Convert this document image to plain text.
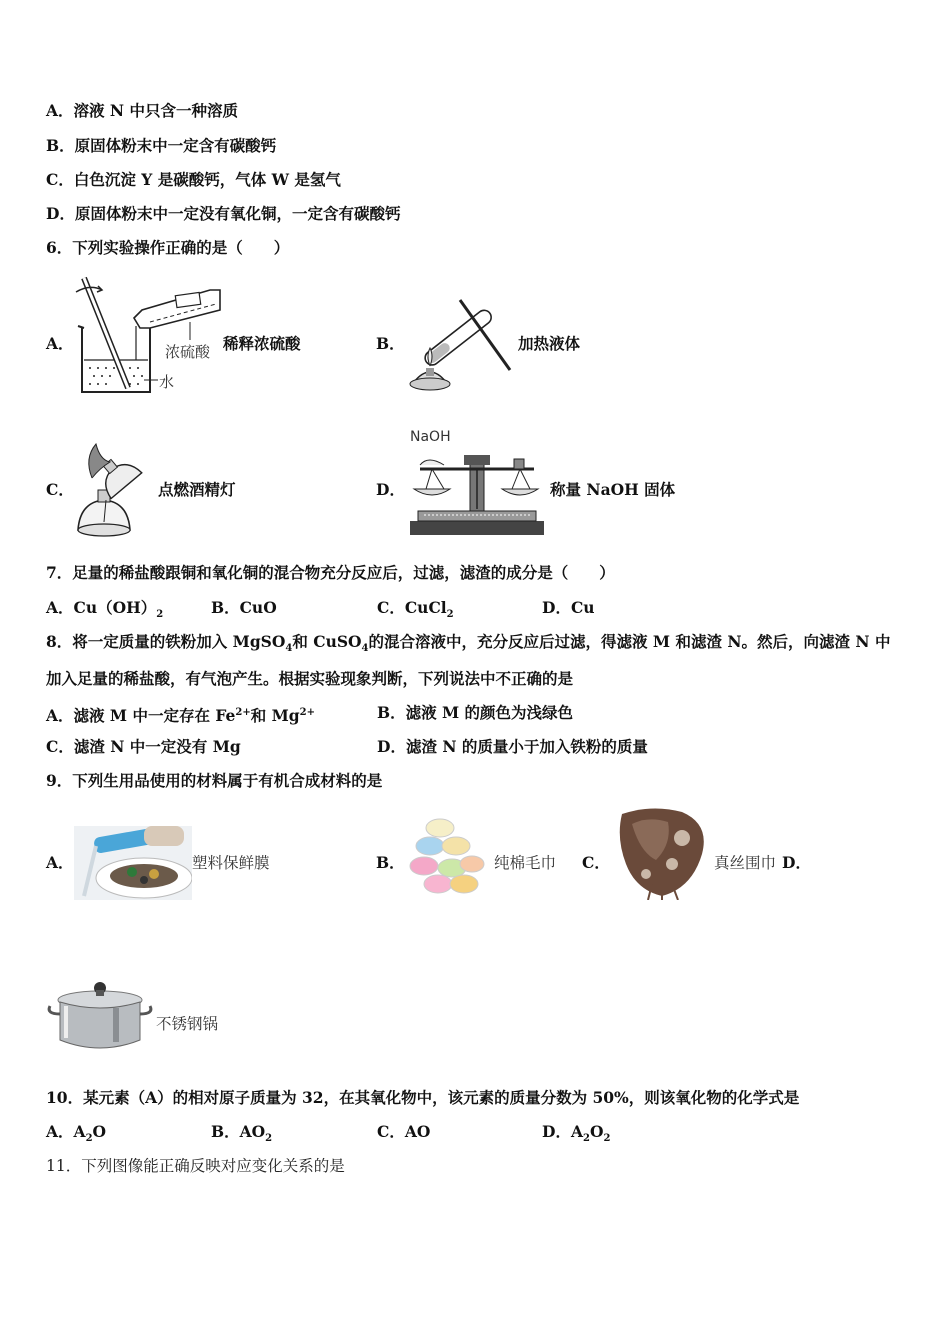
A．溶液 N 中只含一种溶质
B．原固体粉末中一定含有碳酸钙
C．白色沉淀 Y 是碳酸钙，气体 W 是氢气
D．原固体粉末中一定没有氧化铜，一定含有碳酸钙
6．下列实验操作正确的是（　　）
A．	浓硫酸
水
稀释浓硫酸	B．	加热液体
C．	点燃酒精灯	D．
NaOH
称量 NaOH 固体
7．足量的稀盐酸跟铜和氧化铜的混合物充分反应后，过滤，滤渣的成分是（　　）
A．$Cu(OH)_2$	B．CuO	C．CuCl$_2$	D．Cu
8．将一定质量的铁粉加入 MgSO$_4$和 CuSO$_4$的混合溶液中，充分反应后过滤，得滤液 M 和滤渣 N。然后，向滤渣 N 中
加入足量的稀盐酸，有气泡产生。根据实验现象判断，下列说法中不正确的是
A．滤液 M 中一定存在 $Fe^{2+}$和 $Mg^{2+}$	B．滤液 M 的颜色为浅绿色
C．滤渣 N 中一定没有 Mg	D．滤渣 N 的质量小于加入铁粉的质量
9．下列生用品使用的材料属于有机合成材料的是
A．	塑料保鲜膜	B．	纯棉毛巾 C．	真丝围巾 D．
不锈钢锅
10．某元素（A）的相对原子质量为 32，在其氧化物中，该元素的质量分数为 50%，则该氧化物的化学式是
A．$A_2O$	B．$AO_2$	C．AO	D．$A_2O_2$
11．下列图像能正确反映对应变化关系的是
